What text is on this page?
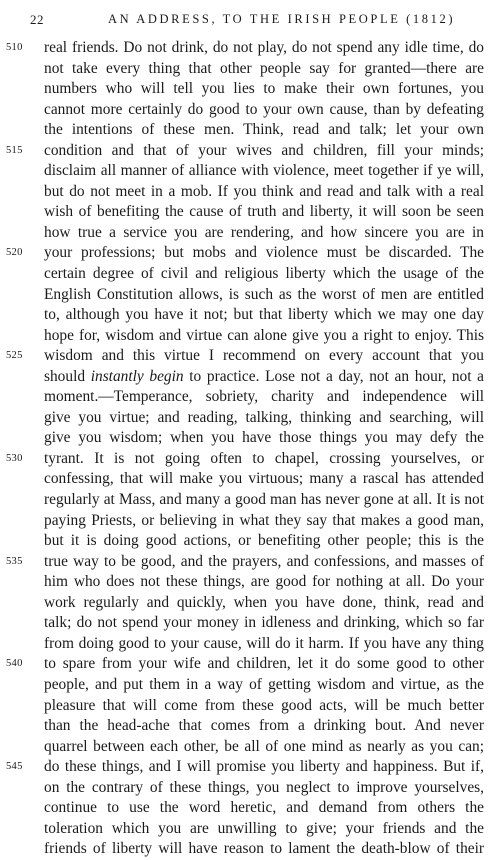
22	AN ADDRESS, TO THE IRISH PEOPLE (1812)
510 real friends. Do not drink, do not play, do not spend any idle time, do
not take every thing that other people say for granted—there are
numbers who will tell you lies to make their own fortunes, you
cannot more certainly do good to your own cause, than by defeating
the intentions of these men. Think, read and talk; let your own
515 condition and that of your wives and children, fill your minds;
disclaim all manner of alliance with violence, meet together if ye will,
but do not meet in a mob. If you think and read and talk with a real
wish of benefiting the cause of truth and liberty, it will soon be seen
how true a service you are rendering, and how sincere you are in
520 your professions; but mobs and violence must be discarded. The
certain degree of civil and religious liberty which the usage of the
English Constitution allows, is such as the worst of men are entitled
to, although you have it not; but that liberty which we may one day
hope for, wisdom and virtue can alone give you a right to enjoy. This
525 wisdom and this virtue I recommend on every account that you
should instantly begin to practice. Lose not a day, not an hour, not a
moment.—Temperance, sobriety, charity and independence will
give you virtue; and reading, talking, thinking and searching, will
give you wisdom; when you have those things you may defy the
530 tyrant. It is not going often to chapel, crossing yourselves, or
confessing, that will make you virtuous; many a rascal has attended
regularly at Mass, and many a good man has never gone at all. It is not
paying Priests, or believing in what they say that makes a good man,
but it is doing good actions, or benefiting other people; this is the
535 true way to be good, and the prayers, and confessions, and masses of
him who does not these things, are good for nothing at all. Do your
work regularly and quickly, when you have done, think, read and
talk; do not spend your money in idleness and drinking, which so far
from doing good to your cause, will do it harm. If you have any thing
540 to spare from your wife and children, let it do some good to other
people, and put them in a way of getting wisdom and virtue, as the
pleasure that will come from these good acts, will be much better
than the head-ache that comes from a drinking bout. And never
quarrel between each other, be all of one mind as nearly as you can;
545 do these things, and I will promise you liberty and happiness. But if,
on the contrary of these things, you neglect to improve yourselves,
continue to use the word heretic, and demand from others the
toleration which you are unwilling to give; your friends and the
friends of liberty will have reason to lament the death-blow of their
